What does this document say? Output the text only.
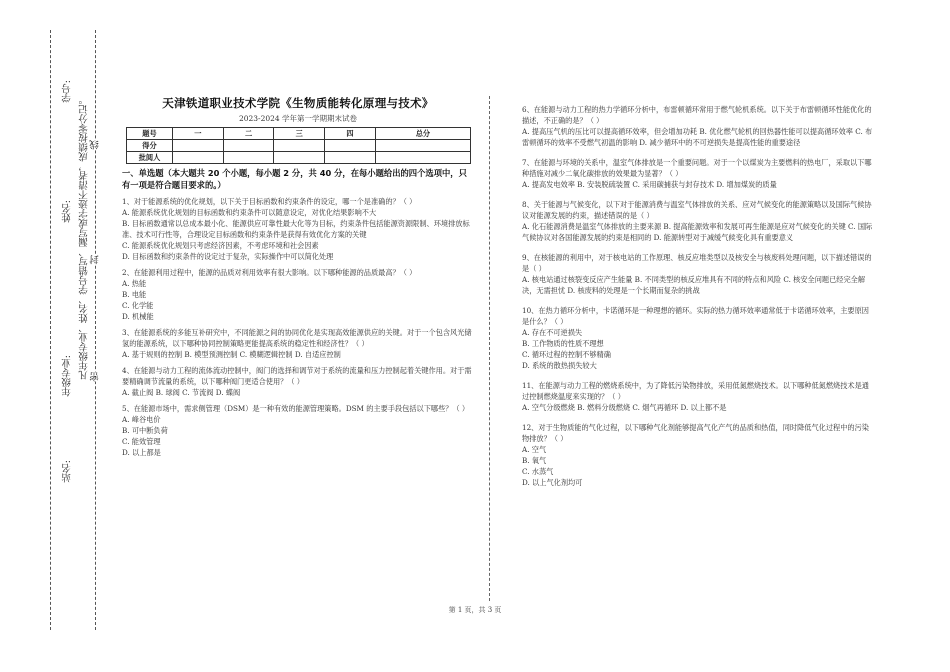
学号:
姓名:
年级专业:
站名:
凡年级专业、姓名、学号错写、漏写或字迹不清者，成绩按零分记。 线
封
密
天津铁道职业技术学院《生物质能转化原理与技术》
2023-2024 学年第一学期期末试卷
题号	一	二	三	四	总分
得分					
批阅人					
一、单选题（本大题共 20 个小题，每小题 2 分，共 40 分，在每小题给出的四个选项中，只有一项是符合题目要求的。）
1、对于能源系统的优化规划，以下关于目标函数和约束条件的设定，哪一个是准确的？（ ）
A. 能源系统优化规划的目标函数和约束条件可以随意设定，对优化结果影响不大
B. 目标函数通常以总成本最小化、能源供应可靠性最大化等为目标，约束条件包括能源资源限制、环境排放标准、技术可行性等，合理设定目标函数和约束条件是获得有效优化方案的关键
C. 能源系统优化规划只考虑经济因素，不考虑环境和社会因素
D. 目标函数和约束条件的设定过于复杂，实际操作中可以简化处理
2、在能源利用过程中，能源的品质对利用效率有很大影响。以下哪种能源的品质最高？（ ）
A. 热能
B. 电能
C. 化学能
D. 机械能
3、在能源系统的多能互补研究中，不同能源之间的协同优化是实现高效能源供应的关键。对于一个包含风光储氢的能源系统，以下哪种协同控制策略更能提高系统的稳定性和经济性？（ ）
A. 基于规则的控制 B. 模型预测控制 C. 模糊逻辑控制 D. 自适应控制
4、在能源与动力工程的流体流动控制中，阀门的选择和调节对于系统的流量和压力控制起着关键作用。对于需要精确调节流量的系统，以下哪种阀门更适合使用？（ ）
A. 截止阀 B. 球阀 C. 节流阀 D. 蝶阀
5、在能源市场中，需求侧管理（DSM）是一种有效的能源管理策略。DSM 的主要手段包括以下哪些？（ ）
A. 峰谷电价
B. 可中断负荷
C. 能效管理
D. 以上都是
6、在能源与动力工程的热力学循环分析中，布雷顿循环常用于燃气轮机系统。以下关于布雷顿循环性能优化的描述，不正确的是？（ ）
A. 提高压气机的压比可以提高循环效率，但会增加功耗 B. 优化燃气轮机的回热器性能可以提高循环效率 C. 布雷顿循环的效率不受燃气初温的影响 D. 减少循环中的不可逆损失是提高性能的重要途径
7、在能源与环境的关系中，温室气体排放是一个重要问题。对于一个以煤炭为主要燃料的热电厂，采取以下哪种措施对减少二氧化碳排放的效果最为显著？（ ）
A. 提高发电效率 B. 安装脱硫装置 C. 采用碳捕获与封存技术 D. 增加煤炭的质量
8、关于能源与气候变化，以下对于能源消费与温室气体排放的关系、应对气候变化的能源策略以及国际气候协议对能源发展的约束，描述错误的是（ ）
A. 化石能源消费是温室气体排放的主要来源 B. 提高能源效率和发展可再生能源是应对气候变化的关键 C. 国际气候协议对各国能源发展的约束是相同的 D. 能源转型对于减缓气候变化具有重要意义
9、在核能源的利用中，对于核电站的工作原理、核反应堆类型以及核安全与核废料处理问题，以下描述错误的是（ ）
A. 核电站通过核裂变反应产生能量 B. 不同类型的核反应堆具有不同的特点和风险 C. 核安全问题已经完全解决，无需担忧 D. 核废料的处理是一个长期而复杂的挑战
10、在热力循环分析中，卡诺循环是一种理想的循环。实际的热力循环效率通常低于卡诺循环效率，主要原因是什么？（ ）
A. 存在不可逆损失
B. 工作物质的性质不理想
C. 循环过程的控制不够精确
D. 系统的散热损失较大
11、在能源与动力工程的燃烧系统中，为了降低污染物排放，采用低氮燃烧技术。以下哪种低氮燃烧技术是通过控制燃烧温度来实现的？（ ）
A. 空气分级燃烧 B. 燃料分级燃烧 C. 烟气再循环 D. 以上都不是
12、对于生物质能的气化过程，以下哪种气化剂能够提高气化产气的品质和热值，同时降低气化过程中的污染物排放？（ ）
A. 空气
B. 氧气
C. 水蒸气
D. 以上气化剂均可
第 1 页，共 3 页
